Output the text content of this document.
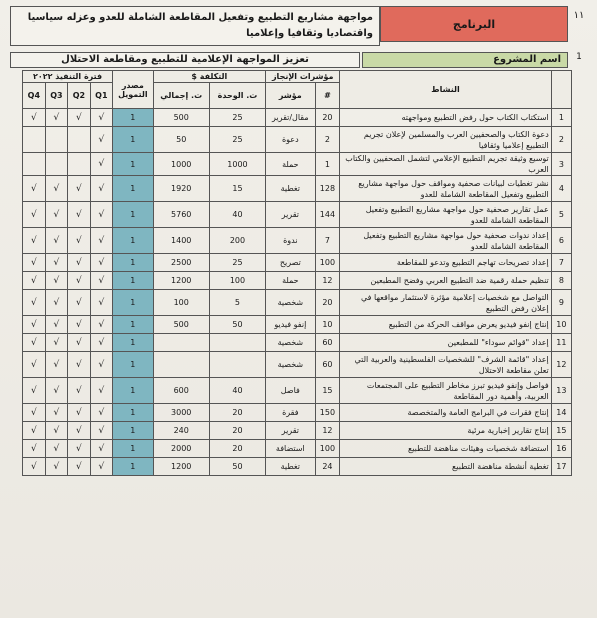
١١
البرنامج
مواجهة مشاريع التطبيع وتفعيل المقاطعة الشاملة للعدو وعزله سياسيا واقتصاديا وثقافيا وإعلاميا
1
اسم المشروع
تعزيز المواجهة الإعلامية للتطبيع ومقاطعة الاحتلال
	النشاط	مؤشرات الإنجاز		التكلفة $		مصدر التمويل	فترة التنفيذ ٢٠٢٢			
		#	مؤشر	ت. الوحدة	ت. إجمالي		Q1	Q2	Q3	Q4
1	استكتاب الكتاب حول رفض التطبيع ومواجهته	20	مقال/تقرير	25	500	1	√	√	√	√
2	دعوة الكتاب والصحفيين العرب والمسلمين لإعلان تجريم التطبيع إعلاميا وثقافيا	2	دعوة	25	50	1	√			
3	توسيع وثيقة تجريم التطبيع الإعلامي لتشمل الصحفيين والكتاب العرب	1	حملة	1000	1000	1	√			
4	نشر تغطيات لبيانات صحفية ومواقف حول مواجهة مشاريع التطبيع وتفعيل المقاطعة الشاملة للعدو	128	تغطية	15	1920	1	√	√	√	√
5	عمل تقارير صحفية حول مواجهة مشاريع التطبيع وتفعيل المقاطعة الشاملة للعدو	144	تقرير	40	5760	1	√	√	√	√
6	إعداد ندوات صحفية حول مواجهة مشاريع التطبيع وتفعيل المقاطعة الشاملة للعدو	7	ندوة	200	1400	1	√	√	√	√
7	إعداد تصريحات تهاجم التطبيع وتدعو للمقاطعة	100	تصريح	25	2500	1	√	√	√	√
8	تنظيم حملة رقمية ضد التطبيع العربي وفضح المطبعين	12	حملة	100	1200	1	√	√	√	√
9	التواصل مع شخصيات إعلامية مؤثرة لاستثمار مواقعها في إعلان رفض التطبيع	20	شخصية	5	100	1	√	√	√	√
10	إنتاج إنفو فيديو يعرض مواقف الحركة من التطبيع	10	إنفو فيديو	50	500	1	√	√	√	√
11	إعداد "قوائم سوداء" للمطبعين	60	شخصية			1	√	√	√	√
12	إعداد "قائمة الشرف" للشخصيات الفلسطينية والعربية التي تعلن مقاطعة الاحتلال	60	شخصية			1	√	√	√	√
13	فواصل وإنفو فيديو تبرز مخاطر التطبيع على المجتمعات العربية، وأهمية دور المقاطعة	15	فاصل	40	600	1	√	√	√	√
14	إنتاج فقرات في البرامج العامة والمتخصصة	150	فقرة	20	3000	1	√	√	√	√
15	إنتاج تقارير إخبارية مرئية	12	تقرير	20	240	1	√	√	√	√
16	استضافة شخصيات وهيئات مناهضة للتطبيع	100	استضافة	20	2000	1	√	√	√	√
17	تغطية أنشطة مناهضة التطبيع	24	تغطية	50	1200	1	√	√	√	√
